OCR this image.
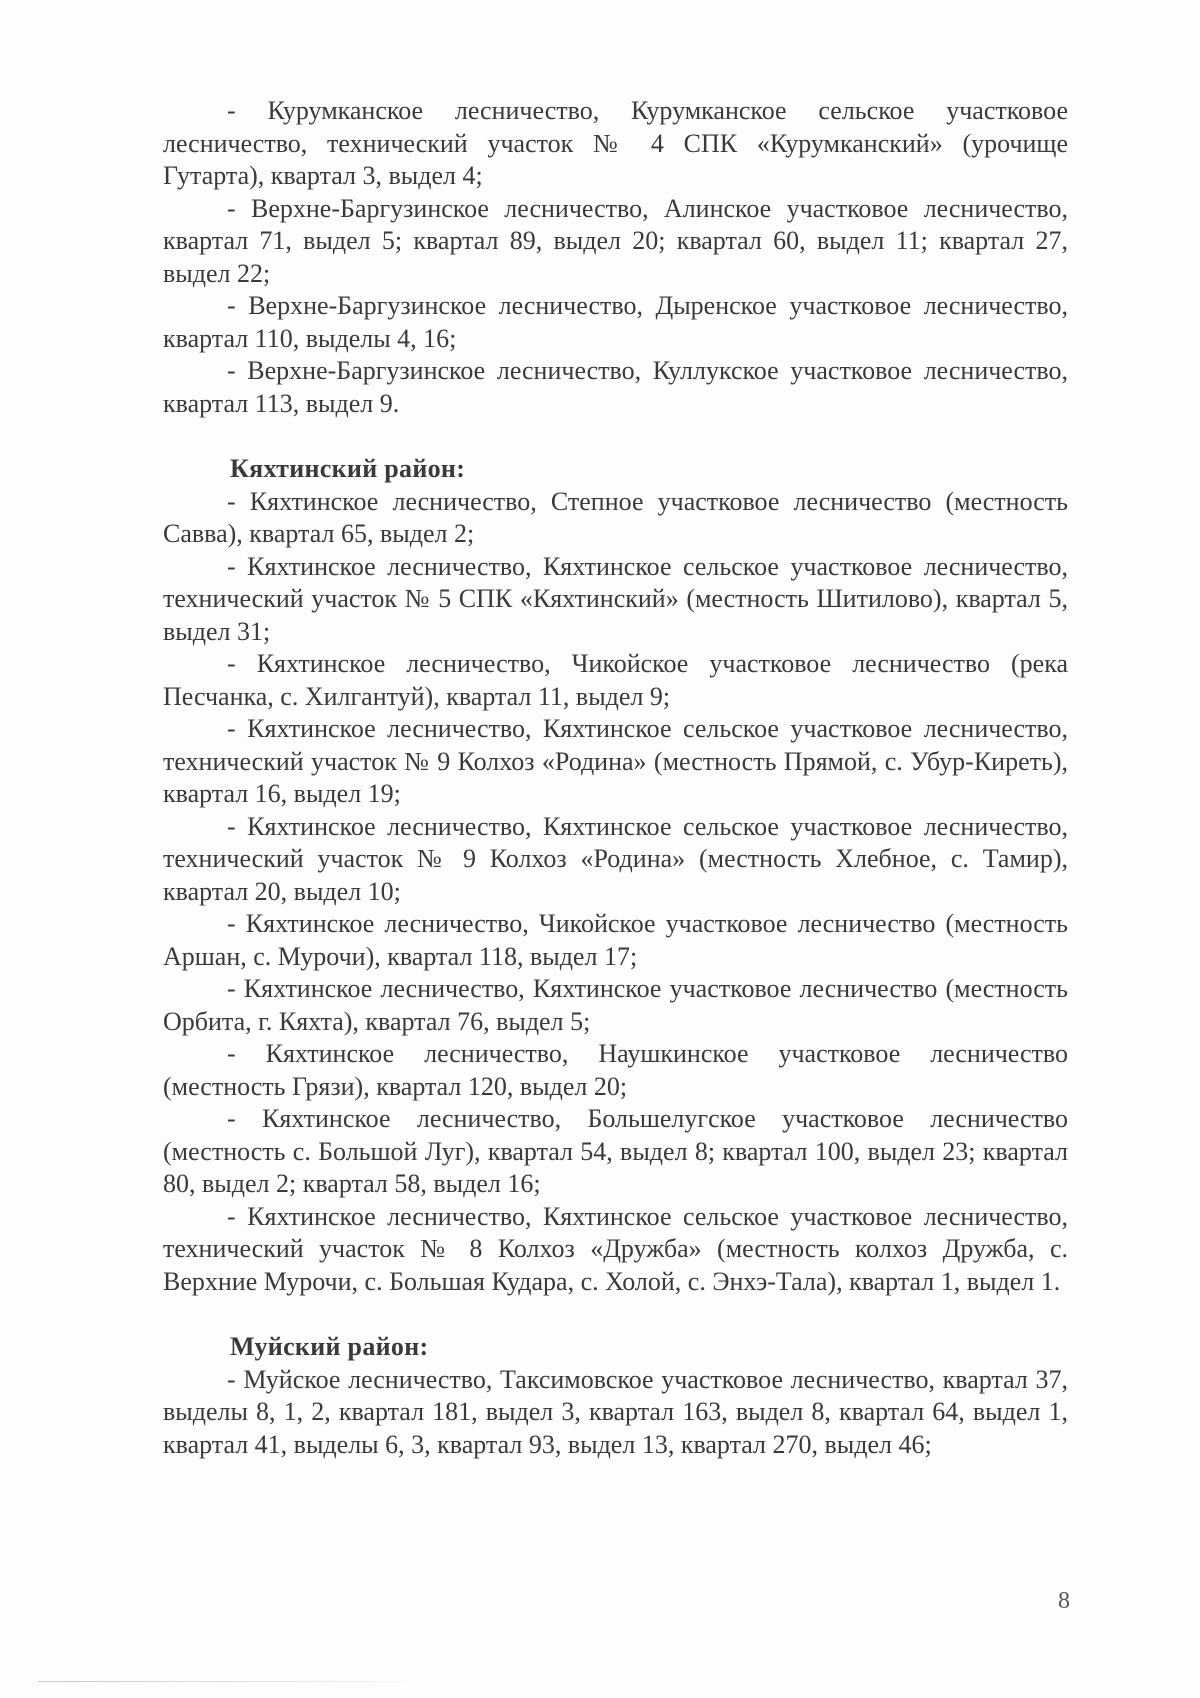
- Курумканское лесничество, Курумканское сельское участковое лесничество, технический участок № 4 СПК «Курумканский» (урочище Гутарта), квартал 3, выдел 4;

- Верхне-Баргузинское лесничество, Алинское участковое лесничество, квартал 71, выдел 5; квартал 89, выдел 20; квартал 60, выдел 11; квартал 27, выдел 22;

- Верхне-Баргузинское лесничество, Дыренское участковое лесничество, квартал 110, выделы 4, 16;

- Верхне-Баргузинское лесничество, Куллукское участковое лесничество, квартал 113, выдел 9.

Кяхтинский район:

- Кяхтинское лесничество, Степное участковое лесничество (местность Савва), квартал 65, выдел 2;

- Кяхтинское лесничество, Кяхтинское сельское участковое лесничество, технический участок № 5 СПК «Кяхтинский» (местность Шитилово), квартал 5, выдел 31;

- Кяхтинское лесничество, Чикойское участковое лесничество (река Песчанка, с. Хилгантуй), квартал 11, выдел 9;

- Кяхтинское лесничество, Кяхтинское сельское участковое лесничество, технический участок № 9 Колхоз «Родина» (местность Прямой, с. Убур-Киреть), квартал 16, выдел 19;

- Кяхтинское лесничество, Кяхтинское сельское участковое лесничество, технический участок № 9 Колхоз «Родина» (местность Хлебное, с. Тамир), квартал 20, выдел 10;

- Кяхтинское лесничество, Чикойское участковое лесничество (местность Аршан, с. Мурочи), квартал 118, выдел 17;

- Кяхтинское лесничество, Кяхтинское участковое лесничество (местность Орбита, г. Кяхта), квартал 76, выдел 5;

- Кяхтинское лесничество, Наушкинское участковое лесничество (местность Грязи), квартал 120, выдел 20;

- Кяхтинское лесничество, Большелугское участковое лесничество (местность с. Большой Луг), квартал 54, выдел 8; квартал 100, выдел 23; квартал 80, выдел 2; квартал 58, выдел 16;

- Кяхтинское лесничество, Кяхтинское сельское участковое лесничество, технический участок № 8 Колхоз «Дружба» (местность колхоз Дружба, с. Верхние Мурочи, с. Большая Кудара, с. Холой, с. Энхэ-Тала), квартал 1, выдел 1.

Муйский район:

- Муйское лесничество, Таксимовское участковое лесничество, квартал 37, выделы 8, 1, 2, квартал 181, выдел 3, квартал 163, выдел 8, квартал 64, выдел 1, квартал 41, выделы 6, 3, квартал 93, выдел 13, квартал 270, выдел 46;

8
